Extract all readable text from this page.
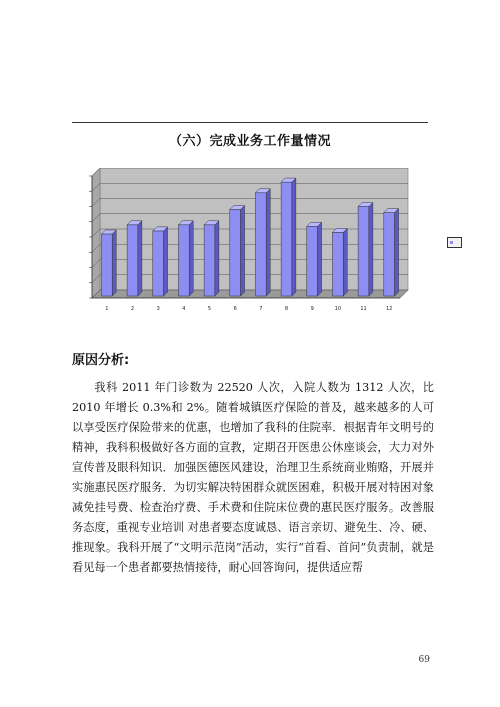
（六）完成业务工作量情况
1	2	3	4	5	6	7	8	9	10	11	12
原因分析:

我科 2011 年门诊数为 22520 人次，入院人数为 1312 人次，比 2010 年增长 0.3%和 2%。随着城镇医疗保险的普及，越来越多的人可以享受医疗保险带来的优惠，也增加了我科的住院率．根据青年文明号的精神，我科积极做好各方面的宣教，定期召开医患公休座谈会，大力对外宣传普及眼科知识．加强医德医风建设，治理卫生系统商业贿赂，开展并实施惠民医疗服务．为切实解决特困群众就医困难，积极开展对特困对象减免挂号费、检查治疗费、手术费和住院床位费的惠民医疗服务。改善服务态度，重视专业培训 对患者要态度诚恳、语言亲切、避免生、冷、硬、推现象。我科开展了“文明示范岗”活动，实行“首看、首问”负责制，就是看见每一个患者都要热情接待，耐心回答询问，提供适应帮

69
